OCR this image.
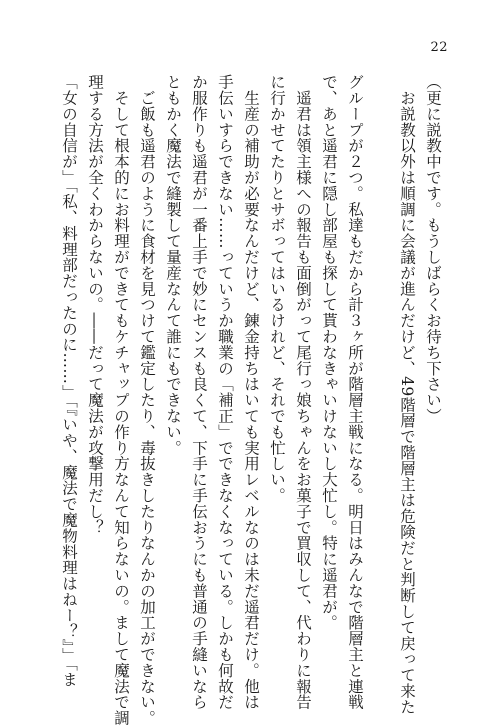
22
（更に説教中です。もうしばらくお待ち下さい）
　お説教以外は順調に会議が進んだけど、49階層で階層主は危険だと判断して戻って来た
グループが２つ。私達もだから計３ヶ所が階層主戦になる。明日はみんなで階層主と連戦
で、あと遥君に隠し部屋も探して貰わなきゃいけないし大忙し。特に遥君が。
　遥君は領主様への報告も面倒がって尾行っ娘ちゃんをお菓子で買収して、代わりに報告
に行かせてたりとサボってはいるけれど、それでも忙しい。
　生産の補助が必要なんだけど、錬金持ちはいても実用レベルなのは未だ遥君だけ。他は
手伝いすらできない……っていうか職業の「補正」でできなくなっている。しかも何故だ
か服作りも遥君が一番上手で妙にセンスも良くて、下手に手伝おうにも普通の手縫いなら
ともかく魔法で縫製して量産なんて誰にもできない。
　ご飯も遥君のように食材を見つけて鑑定したり、毒抜きしたりなんかの加工ができない。
　そして根本的にお料理ができてもケチャップの作り方なんて知らないの。まして魔法で調
理する方法が全くわからないの。――だって魔法が攻撃用だし？
「女の自信が」「私、料理部だったのに……」「『いや、魔法で魔物料理はねー？』」「ま
